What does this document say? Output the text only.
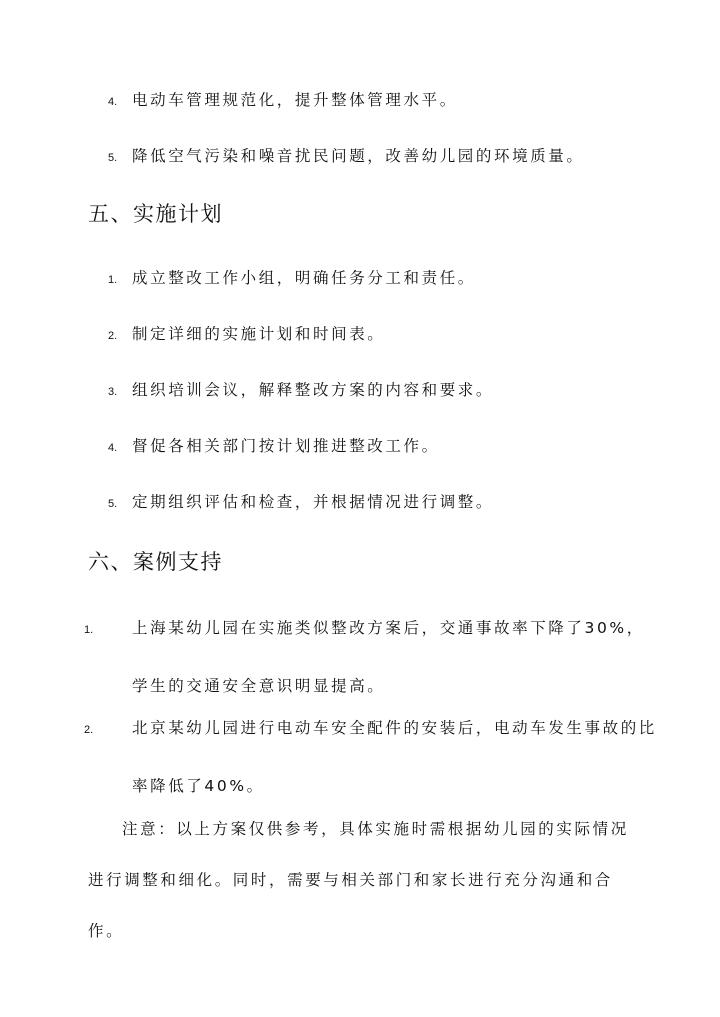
4. 电动车管理规范化，提升整体管理水平。
5. 降低空气污染和噪音扰民问题，改善幼儿园的环境质量。
五、实施计划
1. 成立整改工作小组，明确任务分工和责任。
2. 制定详细的实施计划和时间表。
3. 组织培训会议，解释整改方案的内容和要求。
4. 督促各相关部门按计划推进整改工作。
5. 定期组织评估和检查，并根据情况进行调整。
六、案例支持
1.	上海某幼儿园在实施类似整改方案后，交通事故率下降了30%，学生的交通安全意识明显提高。
2.	北京某幼儿园进行电动车安全配件的安装后，电动车发生事故的比率降低了40%。

注意：以上方案仅供参考，具体实施时需根据幼儿园的实际情况进行调整和细化。同时，需要与相关部门和家长进行充分沟通和合作。
